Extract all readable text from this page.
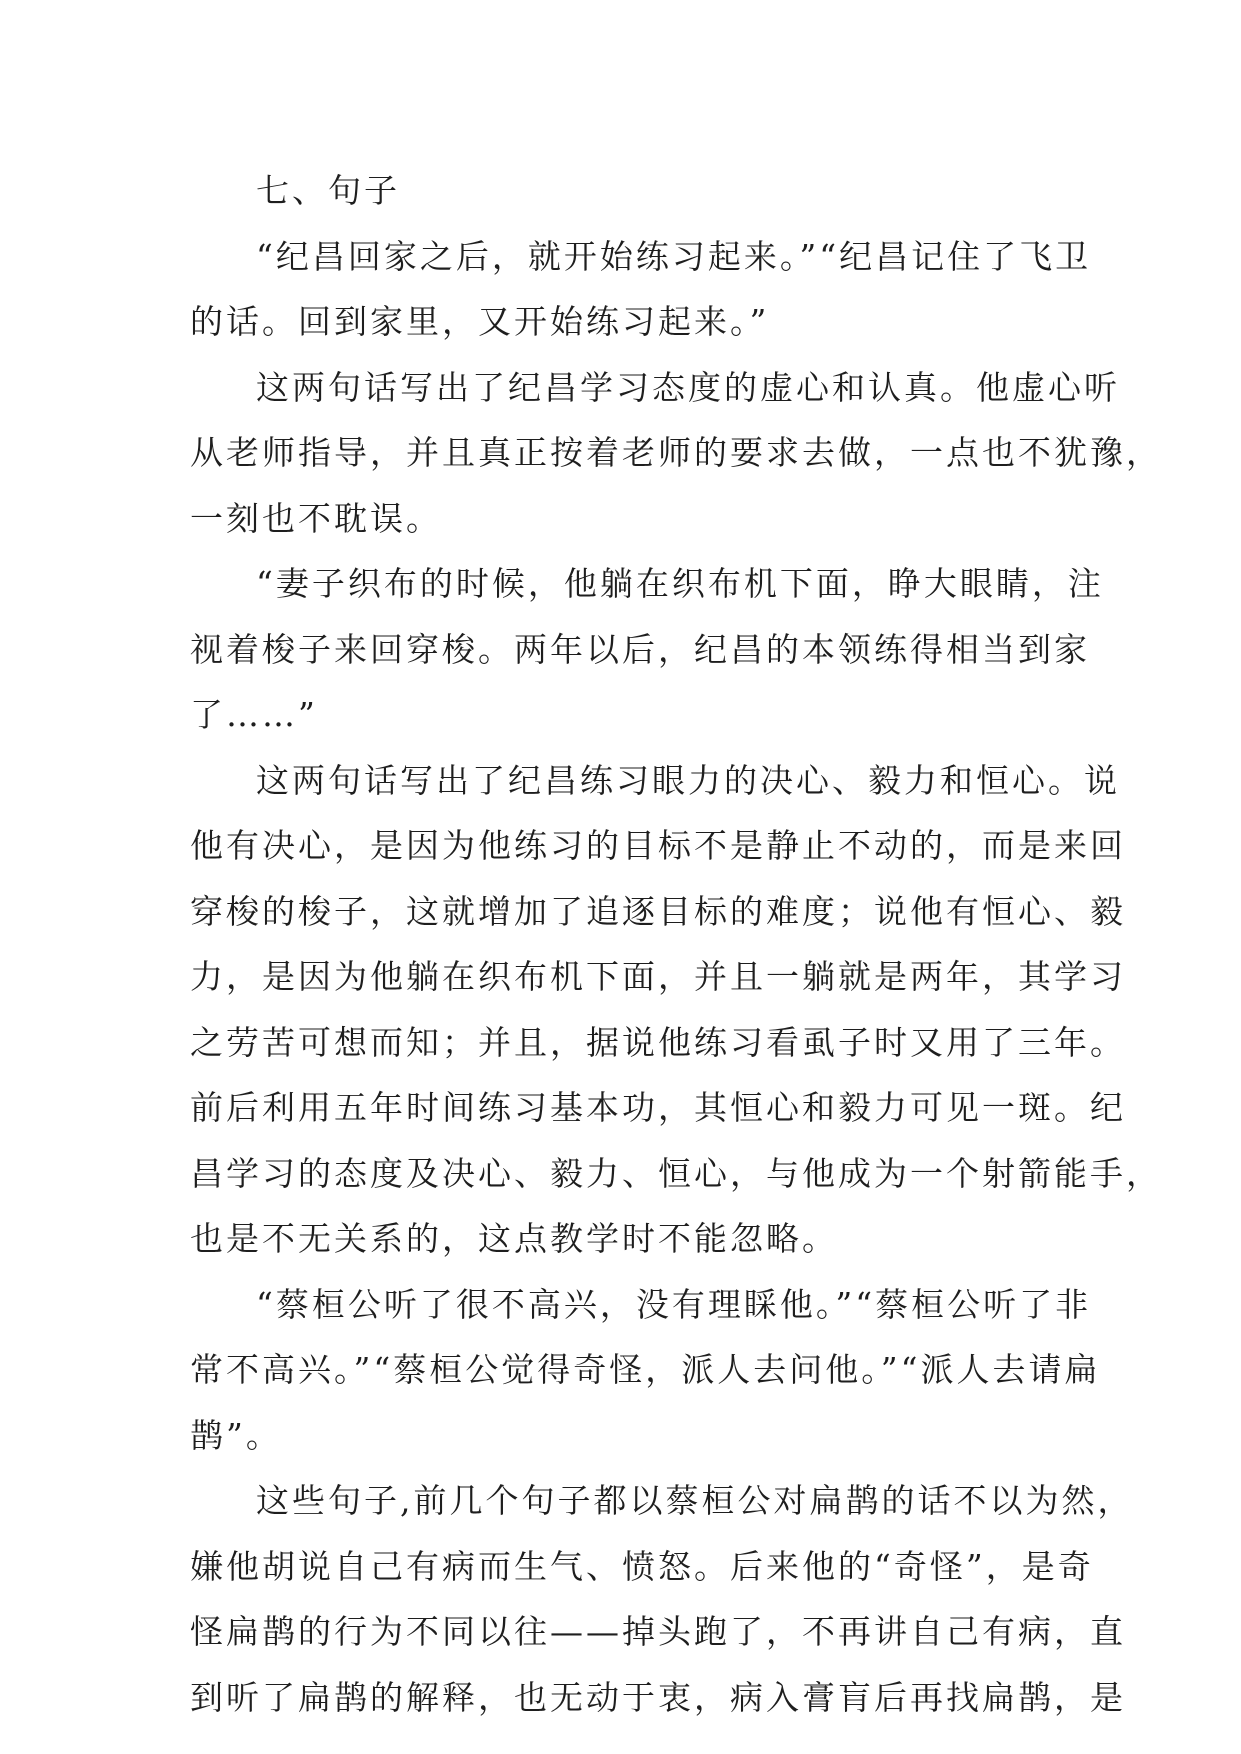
七、句子
“纪昌回家之后，就开始练习起来。”“纪昌记住了飞卫
的话。回到家里，又开始练习起来。”
这两句话写出了纪昌学习态度的虚心和认真。他虚心听
从老师指导，并且真正按着老师的要求去做，一点也不犹豫，
一刻也不耽误。
“妻子织布的时候，他躺在织布机下面，睁大眼睛，注
视着梭子来回穿梭。两年以后，纪昌的本领练得相当到家
了……”
这两句话写出了纪昌练习眼力的决心、毅力和恒心。说
他有决心，是因为他练习的目标不是静止不动的，而是来回
穿梭的梭子，这就增加了追逐目标的难度；说他有恒心、毅
力，是因为他躺在织布机下面，并且一躺就是两年，其学习
之劳苦可想而知；并且，据说他练习看虱子时又用了三年。
前后利用五年时间练习基本功，其恒心和毅力可见一斑。纪
昌学习的态度及决心、毅力、恒心，与他成为一个射箭能手，
也是不无关系的，这点教学时不能忽略。
“蔡桓公听了很不高兴，没有理睬他。”“蔡桓公听了非
常不高兴。”“蔡桓公觉得奇怪，派人去问他。”“派人去请扁
鹊”。
这些句子,前几个句子都以蔡桓公对扁鹊的话不以为然，
嫌他胡说自己有病而生气、愤怒。后来他的“奇怪”，是奇
怪扁鹊的行为不同以往——掉头跑了，不再讲自己有病，直
到听了扁鹊的解释，也无动于衷，病入膏肓后再找扁鹊，是
